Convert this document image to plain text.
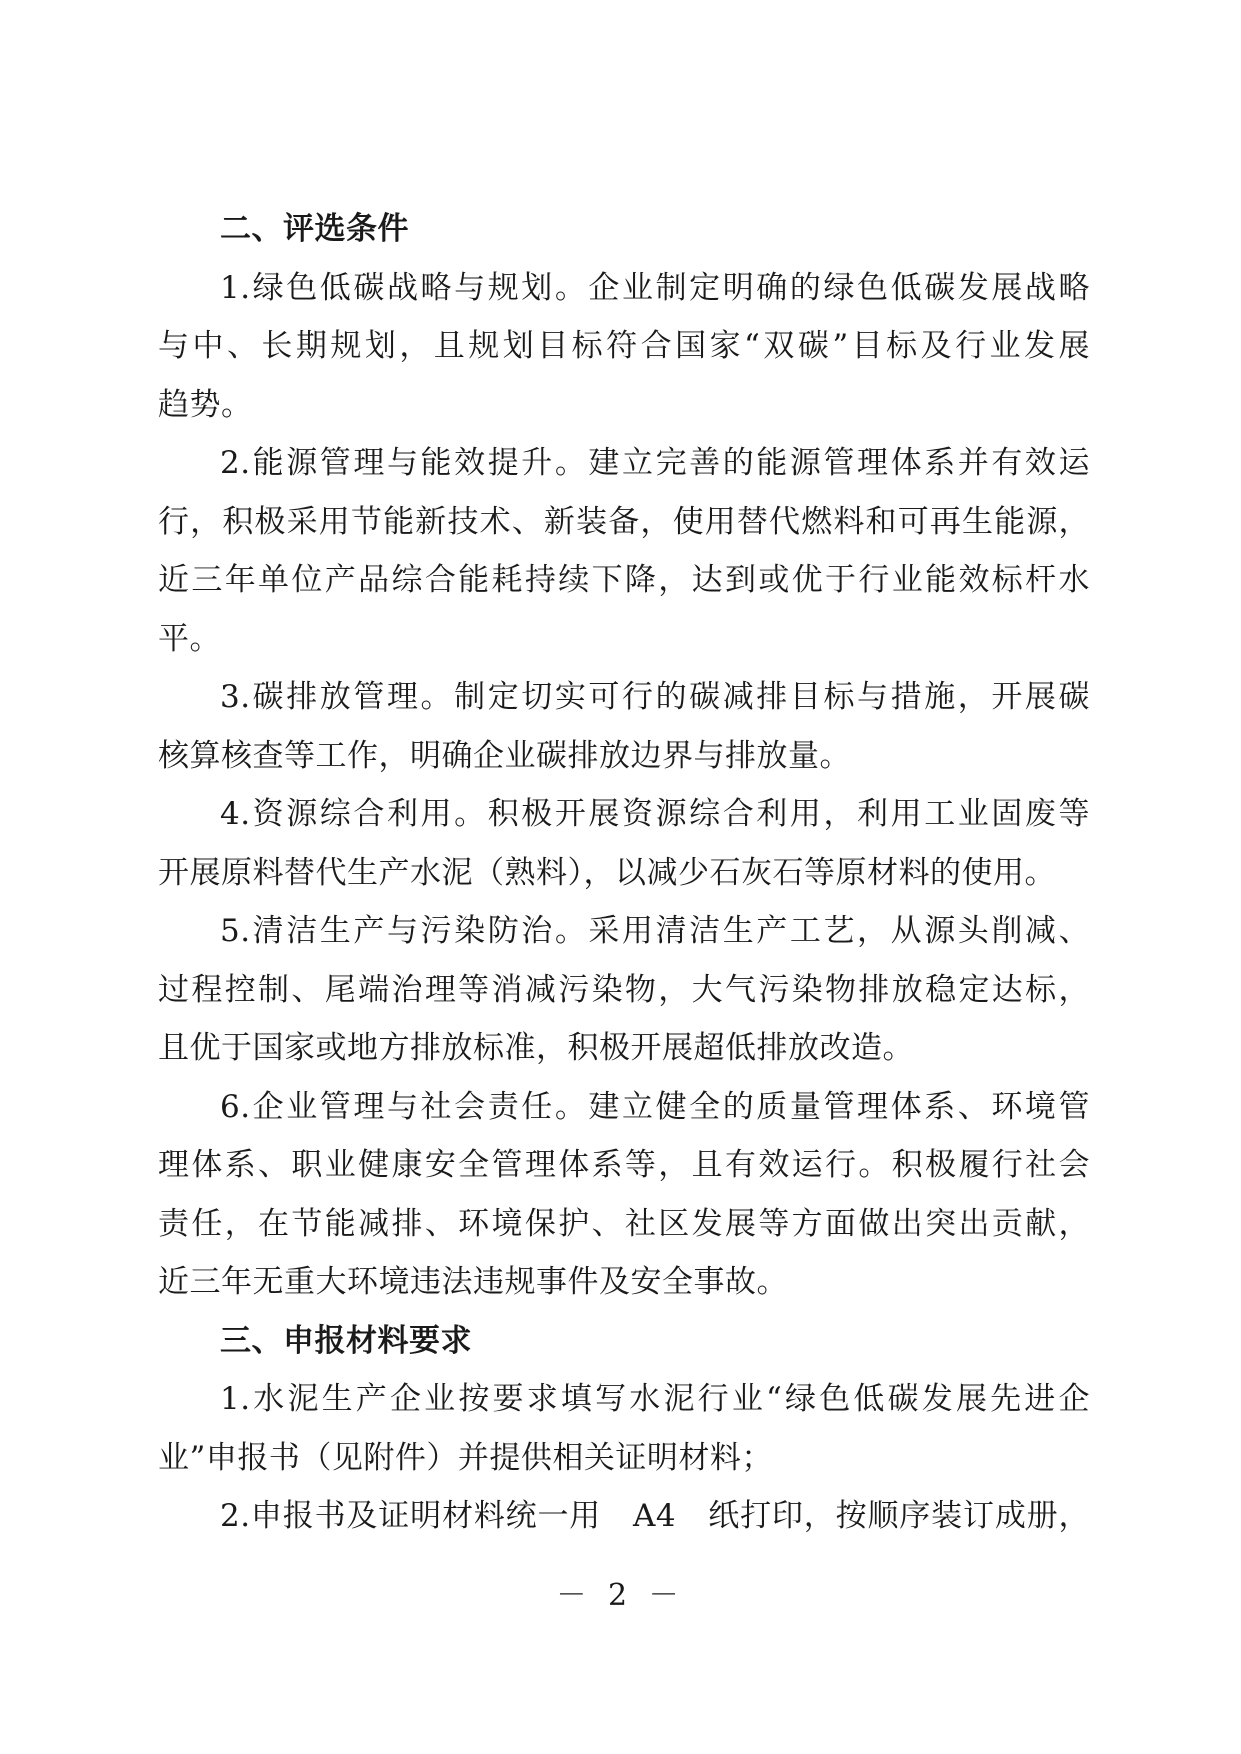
二、评选条件
1.绿色低碳战略与规划。企业制定明确的绿色低碳发展战略
与中、长期规划，且规划目标符合国家“双碳”目标及行业发展
趋势。
2.能源管理与能效提升。建立完善的能源管理体系并有效运
行，积极采用节能新技术、新装备，使用替代燃料和可再生能源，
近三年单位产品综合能耗持续下降，达到或优于行业能效标杆水
平。
3.碳排放管理。制定切实可行的碳减排目标与措施，开展碳
核算核查等工作，明确企业碳排放边界与排放量。
4.资源综合利用。积极开展资源综合利用，利用工业固废等
开展原料替代生产水泥（熟料），以减少石灰石等原材料的使用。
5.清洁生产与污染防治。采用清洁生产工艺，从源头削减、
过程控制、尾端治理等消减污染物，大气污染物排放稳定达标，
且优于国家或地方排放标准，积极开展超低排放改造。
6.企业管理与社会责任。建立健全的质量管理体系、环境管
理体系、职业健康安全管理体系等，且有效运行。积极履行社会
责任，在节能减排、环境保护、社区发展等方面做出突出贡献，
近三年无重大环境违法违规事件及安全事故。
三、申报材料要求
1.水泥生产企业按要求填写水泥行业“绿色低碳发展先进企
业”申报书（见附件）并提供相关证明材料；
2.申报书及证明材料统一用　A4　纸打印，按顺序装订成册，
－ 2 －
